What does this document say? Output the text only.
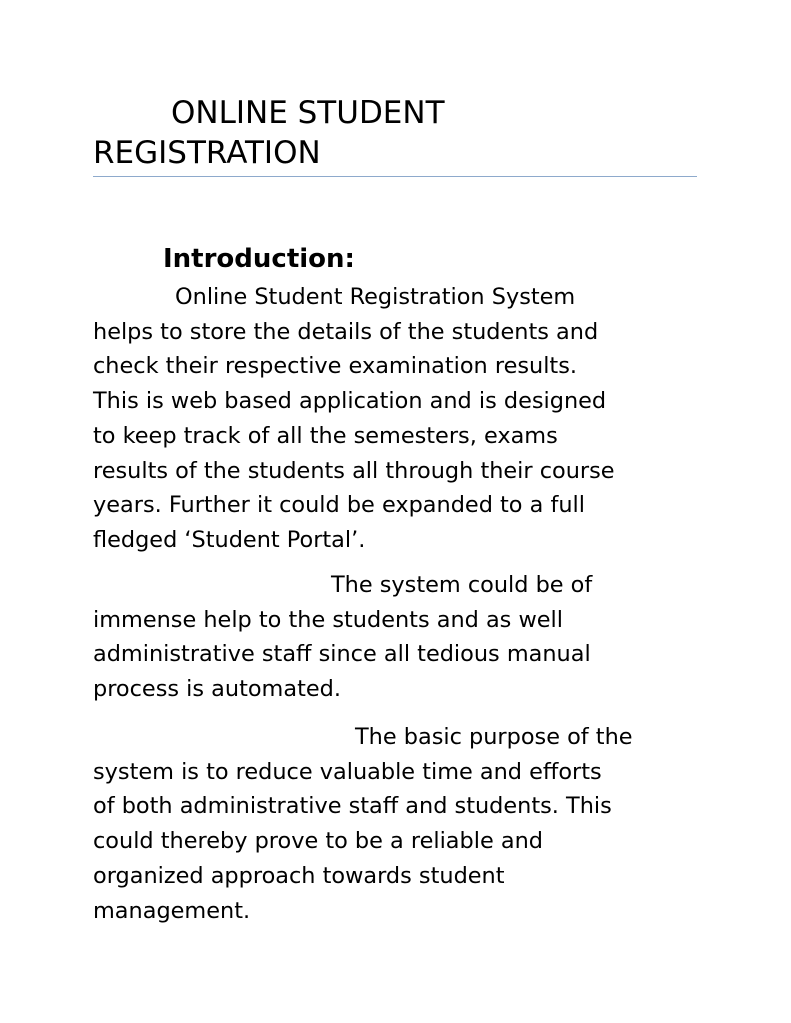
ONLINE STUDENT
REGISTRATION
Introduction:

Online Student Registration System
helps to store the details of the students and
check their respective examination results.
This is web based application and is designed
to keep track of all the semesters, exams
results of the students all through their course
years. Further it could be expanded to a full
fledged ‘Student Portal’.

The system could be of
immense help to the students and as well
administrative staff since all tedious manual
process is automated.

The basic purpose of the
system is to reduce valuable time and efforts
of both administrative staff and students. This
could thereby prove to be a reliable and
organized approach towards student
management.
